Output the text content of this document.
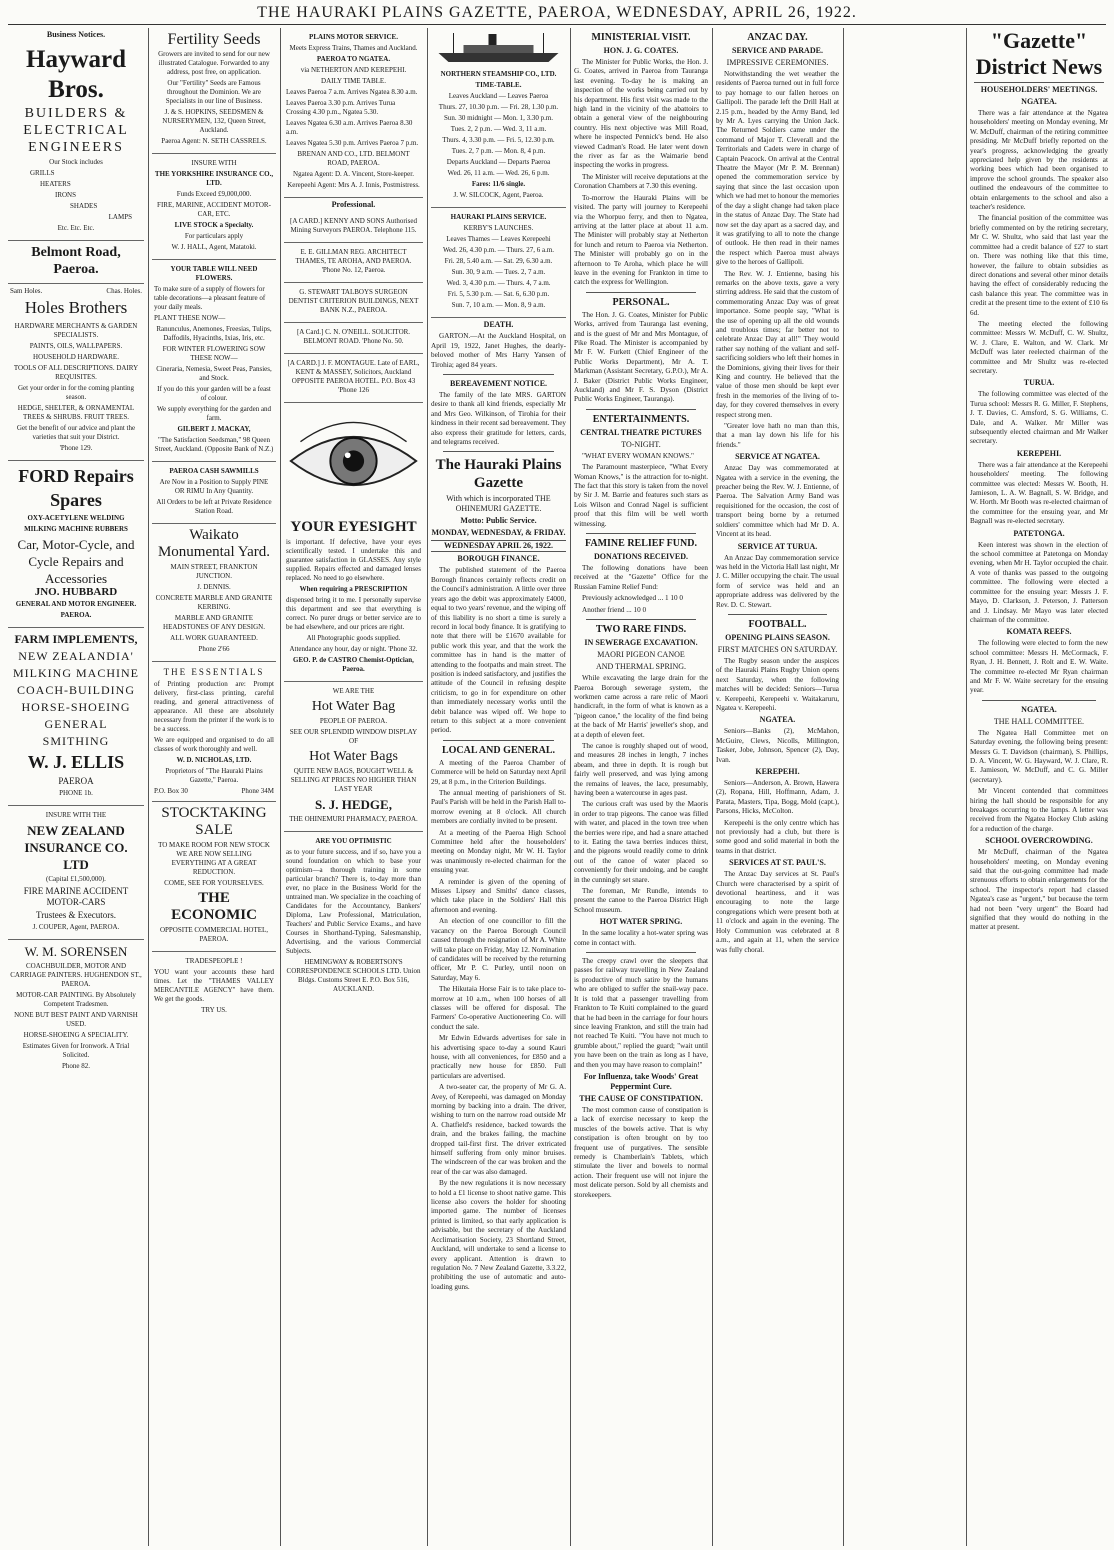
THE HAURAKI PLAINS GAZETTE, PAEROA, WEDNESDAY, APRIL 26, 1922.
Business Notices.
Hayward Bros.
BUILDERS &
ELECTRICAL
ENGINEERS

Our Stock includes

GRILLS

HEATERS

IRONS

SHADES

LAMPS

Etc. Etc. Etc.

Belmont Road, Paeroa.
Sam Holes.	Chas. Holes.
Holes Brothers

HARDWARE MERCHANTS & GARDEN SPECIALISTS.

PAINTS, OILS, WALLPAPERS.

HOUSEHOLD HARDWARE.

TOOLS OF ALL DESCRIPTIONS. DAIRY REQUISITES.

Get your order in for the coming planting season.

HEDGE, SHELTER, & ORNAMENTAL TREES & SHRUBS. FRUIT TREES.

Get the benefit of our advice and plant the varieties that suit your District.

'Phone 129.

FORD Repairs Spares

OXY-ACETYLENE WELDING

MILKING MACHINE RUBBERS

Car, Motor-Cycle, and Cycle Repairs and Accessories
JNO. HUBBARD

GENERAL AND MOTOR ENGINEER.

PAEROA.

FARM IMPLEMENTS,
NEW ZEALANDIA' MILKING MACHINE
COACH-BUILDING HORSE-SHOEING GENERAL SMITHING
W. J. ELLIS

PAEROA

PHONE 1b.

INSURE WITH THE

NEW ZEALAND INSURANCE CO. LTD

(Capital £1,500,000).

FIRE MARINE ACCIDENT MOTOR-CARS

Trustees & Executors.

J. COUPER, Agent, PAEROA.

W. M. SORENSEN

COACHBUILDER, MOTOR AND CARRIAGE PAINTERS. HUGHENDON ST., PAEROA.

MOTOR-CAR PAINTING. By Absolutely Competent Tradesmen.

NONE BUT BEST PAINT AND VARNISH USED.

HORSE-SHOEING A SPECIALITY.

Estimates Given for Ironwork. A Trial Solicited.

Phone 82.

Fertility Seeds

Growers are invited to send for our new illustrated Catalogue. Forwarded to any address, post free, on application.

Our "Fertility" Seeds are Famous throughout the Dominion. We are Specialists in our line of Business.

J. & S. HOPKINS, SEEDSMEN & NURSERYMEN, 132, Queen Street, Auckland.

Paeroa Agent: N. SETH CASSRELS.

INSURE WITH

THE YORKSHIRE INSURANCE CO., LTD.

Funds Exceed £9,000,000.

FIRE, MARINE, ACCIDENT MOTOR-CAR, ETC.

LIVE STOCK a Specialty.

For particulars apply

W. J. HALL, Agent, Matatoki.

YOUR TABLE WILL NEED FLOWERS.

To make sure of a supply of flowers for table decorations—a pleasant feature of your daily meals.

PLANT THESE NOW—

Ranunculus, Anemones, Freesias, Tulips, Daffodils, Hyacinths, Ixias, Iris, etc.

FOR WINTER FLOWERING SOW THESE NOW—

Cineraria, Nemesia, Sweet Peas, Pansies, and Stock.

If you do this your garden will be a feast of colour.

We supply everything for the garden and farm.

GILBERT J. MACKAY,

"The Satisfaction Seedsman," 98 Queen Street, Auckland. (Opposite Bank of N.Z.)

PAEROA CASH SAWMILLS

Are Now in a Position to Supply PINE OR RIMU In Any Quantity.

All Orders to be left at Private Residence Station Road.

Waikato Monumental Yard.

MAIN STREET, FRANKTON JUNCTION.

J. DENNIS.

CONCRETE MARBLE AND GRANITE KERBING.

MARBLE AND GRANITE HEADSTONES OF ANY DESIGN.

ALL WORK GUARANTEED.

Phone 2'66

THE ESSENTIALS

of Printing production are: Prompt delivery, first-class printing, careful reading, and general attractiveness of appearance. All these are absolutely necessary from the printer if the work is to be a success.

We are equipped and organised to do all classes of work thoroughly and well.

W. D. NICHOLAS, LTD.

Proprietors of "The Hauraki Plains Gazette," Paeroa.

P.O. Box 30	Phone 34M
STOCKTAKING SALE

TO MAKE ROOM FOR NEW STOCK WE ARE NOW SELLING EVERYTHING AT A GREAT REDUCTION.

COME, SEE FOR YOURSELVES.

THE ECONOMIC

OPPOSITE COMMERCIAL HOTEL, PAEROA.

TRADESPEOPLE !

YOU want your accounts these hard times. Let the "THAMES VALLEY MERCANTILE AGENCY" have them. We get the goods.

TRY US.

PLAINS MOTOR SERVICE.

Meets Express Trains, Thames and Auckland.

PAEROA TO NGATEA.

via NETHERTON AND KEREPEHI.

DAILY TIME TABLE.

Leaves Paeroa 7 a.m. Arrives Ngatea 8.30 a.m.

Leaves Paeroa 3.30 p.m. Arrives Turua Crossing 4.30 p.m., Ngatea 5.30.

Leaves Ngatea 6.30 a.m. Arrives Paeroa 8.30 a.m.

Leaves Ngatea 5.30 p.m. Arrives Paeroa 7 p.m.

BRENAN AND CO., LTD. BELMONT ROAD, PAEROA.

Ngatea Agent: D. A. Vincent, Store-keeper.

Kerepeehi Agent: Mrs A. J. Innis, Postmistress.

Professional.

[A CARD.] KENNY AND SONS Authorised Mining Surveyors PAEROA. Telephone 115.

E. E. GILLMAN REG. ARCHITECT THAMES, TE AROHA, AND PAEROA. 'Phone No. 12, Paeroa.

G. STEWART TALBOYS SURGEON DENTIST CRITERION BUILDINGS, NEXT BANK N.Z., PAEROA.

[A Card.] C. N. O'NEILL. SOLICITOR. BELMONT ROAD. 'Phone No. 50.

[A CARD.] J. F. MONTAGUE. Late of EARL, KENT & MASSEY, Solicitors, Auckland OPPOSITE PAEROA HOTEL. P.O. Box 43 'Phone 126

YOUR EYESIGHT

is important. If defective, have your eyes scientifically tested. I undertake this and guarantee satisfaction in GLASSES. Any style supplied. Repairs effected and damaged lenses replaced. No need to go elsewhere.

When requiring a PRESCRIPTION

dispensed bring it to me. I personally supervise this department and see that everything is correct. No purer drugs or better service are to be had elsewhere, and our prices are right.

All Photographic goods supplied.

Attendance any hour, day or night. 'Phone 32.

GEO. P. de CASTRO Chemist-Optician, Paeroa.

WE ARE THE

Hot Water Bag

PEOPLE OF PAEROA.

SEE OUR SPLENDID WINDOW DISPLAY OF

Hot Water Bags

QUITE NEW BAGS, BOUGHT WELL & SELLING AT PRICES NO HIGHER THAN LAST YEAR

S. J. HEDGE,

THE OHINEMURI PHARMACY, PAEROA.

ARE YOU OPTIMISTIC

as to your future success, and if so, have you a sound foundation on which to base your optimism—a thorough training in some particular branch? There is, to-day more than ever, no place in the Business World for the untrained man. We specialize in the coaching of Candidates for the Accountancy, Bankers' Diploma, Law Professional, Matriculation, Teachers' and Public Service Exams., and have Courses in Shorthand-Typing, Salesmanship, Advertising, and the various Commercial Subjects.

HEMINGWAY & ROBERTSON'S CORRESPONDENCE SCHOOLS LTD. Union Bldgs. Customs Street E. P.O. Box 516, AUCKLAND.

NORTHERN STEAMSHIP CO., LTD.

TIME-TABLE.

Leaves Auckland — Leaves Paeroa

Thurs. 27, 10.30 p.m. — Fri. 28, 1.30 p.m.

Sun. 30 midnight — Mon. 1, 3.30 p.m.

Tues. 2, 2 p.m. — Wed. 3, 11 a.m.

Thurs. 4, 3.30 p.m. — Fri. 5, 12.30 p.m.

Tues. 2, 7 p.m. — Mon. 8, 4 p.m.

Departs Auckland — Departs Paeroa

Wed. 26, 11 a.m. — Wed. 26, 6 p.m.

Fares: 11/6 single.

J. W. SILCOCK, Agent, Paeroa.

HAURAKI PLAINS SERVICE.

KERBY'S LAUNCHES.

Leaves Thames — Leaves Kerepeehi

Wed. 26, 4.30 p.m. — Thurs. 27, 6 a.m.

Fri. 28, 5.40 a.m. — Sat. 29, 6.30 a.m.

Sun. 30, 9 a.m. — Tues. 2, 7 a.m.

Wed. 3, 4.30 p.m. — Thurs. 4, 7 a.m.

Fri. 5, 5.30 p.m. — Sat. 6, 6.30 p.m.

Sun. 7, 10 a.m. — Mon. 8, 9 a.m.

DEATH.

GARTON.—At the Auckland Hospital, on April 19, 1922, Janet Hughes, the dearly-beloved mother of Mrs Harry Yansen of Tirohia; aged 84 years.

BEREAVEMENT NOTICE.

The family of the late MRS. GARTON desire to thank all kind friends, especially Mr and Mrs Geo. Wilkinson, of Tirohia for their kindness in their recent sad bereavement. They also express their gratitude for letters, cards, and telegrams received.

The Hauraki Plains Gazette
With which is incorporated THE OHINEMURI GAZETTE.
Motto: Public Service.
MONDAY, WEDNESDAY, & FRIDAY.
WEDNESDAY APRIL 26, 1922.
BOROUGH FINANCE.

The published statement of the Paeroa Borough finances certainly reflects credit on the Council's administration. A little over three years ago the debit was approximately £4000, equal to two years' revenue, and the wiping off of this liability is no short a time is surely a record in local body finance. It is gratifying to note that there will be £1670 available for public work this year, and that the work the committee has in hand is the matter of attending to the footpaths and main street. The position is indeed satisfactory, and justifies the attitude of the Council in refusing despite criticism, to go in for expenditure on other than immediately necessary works until the debit balance was wiped off. We hope to return to this subject at a more convenient period.

LOCAL AND GENERAL.

A meeting of the Paeroa Chamber of Commerce will be held on Saturday next April 29, at 8 p.m., in the Criterion Buildings.

The annual meeting of parishioners of St. Paul's Parish will be held in the Parish Hall to-morrow evening at 8 o'clock. All church members are cordially invited to be present.

At a meeting of the Paeroa High School Committee held after the householders' meeting on Monday night, Mr W. H. Taylor was unanimously re-elected chairman for the ensuing year.

A reminder is given of the opening of Misses Lipsey and Smiths' dance classes, which take place in the Soldiers' Hall this afternoon and evening.

An election of one councillor to fill the vacancy on the Paeroa Borough Council caused through the resignation of Mr A. White will take place on Friday, May 12. Nomination of candidates will be received by the returning officer, Mr P. C. Purley, until noon on Saturday, May 6.

The Hikutaia Horse Fair is to take place to-morrow at 10 a.m., when 100 horses of all classes will be offered for disposal. The Farmers' Co-operative Auctioneering Co. will conduct the sale.

Mr Edwin Edwards advertises for sale in his advertising space to-day a sound Kauri house, with all conveniences, for £850 and a practically new house for £850. Full particulars are advertised.

A two-seater car, the property of Mr G. A. Avey, of Kerepeehi, was damaged on Monday morning by backing into a drain. The driver, wishing to turn on the narrow road outside Mr A. Chatfield's residence, backed towards the drain, and the brakes failing, the machine dropped tail-first first. The driver extricated himself suffering from only minor bruises. The windscreen of the car was broken and the rear of the car was also damaged.

By the new regulations it is now necessary to hold a £1 license to shoot native game. This license also covers the holder for shooting imported game. The number of licenses printed is limited, so that early application is advisable, but the secretary of the Auckland Acclimatisation Society, 23 Shortland Street, Auckland, will undertake to send a license to every applicant. Attention is drawn to regulation No. 7 New Zealand Gazette, 3.3.22, prohibiting the use of automatic and auto-loading guns.

MINISTERIAL VISIT.
HON. J. G. COATES.

The Minister for Public Works, the Hon. J. G. Coates, arrived in Paeroa from Tauranga last evening. To-day he is making an inspection of the works being carried out by his department. His first visit was made to the high land in the vicinity of the abattoirs to obtain a general view of the neighbouring country. His next objective was Mill Road, where he inspected Pennick's bend. He also viewed Cadman's Road. He later went down the river as far as the Waimarie bend inspecting the works in progress.

The Minister will receive deputations at the Coronation Chambers at 7.30 this evening.

To-morrow the Hauraki Plains will be visited. The party will journey to Kerepeehi via the Whorpuo ferry, and then to Ngatea, arriving at the latter place at about 11 a.m. The Minister will probably stay at Netherton for lunch and return to Paeroa via Netherton. The Minister will probably go on in the afternoon to Te Aroha, which place he will leave in the evening for Frankton in time to catch the express for Wellington.

PERSONAL.

The Hon. J. G. Coates, Minister for Public Works, arrived from Tauranga last evening, and is the guest of Mr and Mrs Montague, of Pike Road. The Minister is accompanied by Mr F. W. Furkett (Chief Engineer of the Public Works Department), Mr A. T. Markman (Assistant Secretary, G.P.O.), Mr A. J. Baker (District Public Works Engineer, Auckland) and Mr F. S. Dyson (District Public Works Engineer, Tauranga).

ENTERTAINMENTS.
CENTRAL THEATRE PICTURES
TO-NIGHT.

"WHAT EVERY WOMAN KNOWS."

The Paramount masterpiece, "What Every Woman Knows," is the attraction for to-night. The fact that this story is taken from the novel by Sir J. M. Barrie and features such stars as Lois Wilson and Conrad Nagel is sufficient proof that this film will be well worth witnessing.

FAMINE RELIEF FUND.
DONATIONS RECEIVED.

The following donations have been received at the "Gazette" Office for the Russian Famine Relief Fund:

Previously acknowledged ... 1 10 0

Another friend ... 10 0

TWO RARE FINDS.
IN SEWERAGE EXCAVATION.
MAORI PIGEON CANOE
AND THERMAL SPRING.

While excavating the large drain for the Paeroa Borough sewerage system, the workmen came across a rare relic of Maori handicraft, in the form of what is known as a "pigeon canoe," the locality of the find being at the back of Mr Harris' jeweller's shop, and at a depth of eleven feet.

The canoe is roughly shaped out of wood, and measures 28 inches in length, 7 inches abeam, and three in depth. It is rough but fairly well preserved, and was lying among the remains of leaves, the lace, presumably, having been a watercourse in ages past.

The curious craft was used by the Maoris in order to trap pigeons. The canoe was filled with water, and placed in the town tree when the berries were ripe, and had a snare attached to it. Eating the tawa berries induces thirst, and the pigeons would readily come to drink out of the canoe of water placed so conveniently for their undoing, and be caught in the cunningly set snare.

The foreman, Mr Rundle, intends to present the canoe to the Paeroa District High School museum.

HOT WATER SPRING.

In the same locality a hot-water spring was come in contact with.

The creepy crawl over the sleepers that passes for railway travelling in New Zealand is productive of much satire by the humans who are obliged to suffer the snail-way pace. It is told that a passenger travelling from Frankton to Te Kuiti complained to the guard that he had been in the carriage for four hours since leaving Frankton, and still the train had not reached Te Kuiti. "You have not much to grumble about," replied the guard; "wait until you have been on the train as long as I have, and then you may have reason to complain!"

For Influenza, take Woods' Great Peppermint Cure.
THE CAUSE OF CONSTIPATION.

The most common cause of constipation is a lack of exercise necessary to keep the muscles of the bowels active. That is why constipation is often brought on by too frequent use of purgatives. The sensible remedy is Chamberlain's Tablets, which stimulate the liver and bowels to normal action. Their frequent use will not injure the most delicate person. Sold by all chemists and storekeepers.

ANZAC DAY.
SERVICE AND PARADE.
IMPRESSIVE CEREMONIES.

Notwithstanding the wet weather the residents of Paeroa turned out in full force to pay homage to our fallen heroes on Gallipoli. The parade left the Drill Hall at 2.15 p.m., headed by the Army Band, led by Mr A. Lyes carrying the Union Jack. The Returned Soldiers came under the command of Major T. Cleverall and the Territorials and Cadets were in charge of Captain Peacock. On arrival at the Central Theatre the Mayor (Mr P. M. Brennan) opened the commemoration service by saying that since the last occasion upon which we had met to honour the memories of the day a slight change had taken place in the status of Anzac Day. The State had now set the day apart as a sacred day, and it was gratifying to all to note the change of outlook. He then read in their names the respect which Paeroa must always give to the heroes of Gallipoli.

The Rev. W. J. Entienne, basing his remarks on the above texts, gave a very stirring address. He said that the custom of commemorating Anzac Day was of great importance. Some people say, "What is the use of opening up all the old wounds and troublous times; far better not to celebrate Anzac Day at all!" They would rather say nothing of the valiant and self-sacrificing soldiers who left their homes in the Dominions, giving their lives for their King and country. He believed that the value of those men should be kept ever fresh in the memories of the living of to-day, for they covered themselves in every respect strong men.

"Greater love hath no man than this, that a man lay down his life for his friends."

SERVICE AT NGATEA.

Anzac Day was commemorated at Ngatea with a service in the evening, the preacher being the Rev. W. J. Entienne, of Paeroa. The Salvation Army Band was requisitioned for the occasion, the cost of transport being borne by a returned soldiers' committee which had Mr D. A. Vincent at its head.

SERVICE AT TURUA.

An Anzac Day commemoration service was held in the Victoria Hall last night, Mr J. C. Miller occupying the chair. The usual form of service was held and an appropriate address was delivered by the Rev. D. C. Stewart.

FOOTBALL.
OPENING PLAINS SEASON.
FIRST MATCHES ON SATURDAY.

The Rugby season under the auspices of the Hauraki Plains Rugby Union opens next Saturday, when the following matches will be decided: Seniors—Turua v. Kerepeehi, Kerepeehi v. Waitakaruru, Ngatea v. Kerepeehi.

NGATEA.

Seniors—Banks (2), McMahon, McGuire, Clews, Nicolls, Millington, Tasker, Jobe, Johnson, Spencer (2), Day, Ivan.

KEREPEHI.

Seniors—Anderson, A. Brown, Hawera (2), Ropana, Hill, Hoffmann, Adam, J. Parata, Masters, Tipa, Bogg, Mold (capt.), Parsons, Hicks, McColton.

Kerepeehi is the only centre which has not previously had a club, but there is some good and solid material in both the teams in that district.

SERVICES AT ST. PAUL'S.

The Anzac Day services at St. Paul's Church were characterised by a spirit of devotional heartiness, and it was encouraging to note the large congregations which were present both at 11 o'clock and again in the evening. The Holy Communion was celebrated at 8 a.m., and again at 11, when the service was fully choral.

"Gazette" District News
HOUSEHOLDERS' MEETINGS.
NGATEA.

There was a fair attendance at the Ngatea householders' meeting on Monday evening, Mr W. McDuff, chairman of the retiring committee presiding. Mr McDuff briefly reported on the year's progress, acknowledging the greatly appreciated help given by the residents at working bees which had been organised to improve the school grounds. The speaker also outlined the endeavours of the committee to obtain enlargements to the school and also a teacher's residence.

The financial position of the committee was briefly commented on by the retiring secretary, Mr C. W. Shultz, who said that last year the committee had a credit balance of £27 to start on. There was nothing like that this time, however, the failure to obtain subsidies as direct donations and several other minor details having the effect of considerably reducing the cash balance this year. The committee was in credit at the present time to the extent of £10 6s 6d.

The meeting elected the following committee: Messrs W. McDuff, C. W. Shultz, W. J. Clare, E. Walton, and W. Clark. Mr McDuff was later reelected chairman of the committee and Mr Shultz was re-elected secretary.

TURUA.

The following committee was elected of the Turua school: Messrs R. G. Miller, F. Stephens, J. T. Davies, C. Amsford, S. G. Williams, C. Dale, and A. Walker. Mr Miller was subsequently elected chairman and Mr Walker secretary.

KEREPEHI.

There was a fair attendance at the Kerepeehi householders' meeting. The following committee was elected: Messrs W. Booth, H. Jamieson, L. A. W. Bagnall, S. W. Bridge, and W. Horth. Mr Booth was re-elected chairman of the committee for the ensuing year, and Mr Bagnall was re-elected secretary.

PATETONGA.

Keen interest was shown in the election of the school committee at Patetonga on Monday evening, when Mr H. Taylor occupied the chair. A vote of thanks was passed to the outgoing committee. The following were elected a committee for the ensuing year: Messrs J. F. Mayo, D. Clarkson, J. Peterson, J. Patterson and J. Lindsay. Mr Mayo was later elected chairman of the committee.

KOMATA REEFS.

The following were elected to form the new school committee: Messrs H. McCormack, F. Ryan, J. H. Bennett, J. Rolt and E. W. Waite. The committee re-elected Mr Ryan chairman and Mr F. W. Waite secretary for the ensuing year.

NGATEA.
THE HALL COMMITTEE.

The Ngatea Hall Committee met on Saturday evening, the following being present: Messrs G. T. Davidson (chairman), S. Phillips, D. A. Vincent, W. G. Hayward, W. J. Clare, R. E. Jamieson, W. McDuff, and C. G. Miller (secretary).

Mr Vincent contended that committees hiring the hall should be responsible for any breakages occurring to the lamps. A letter was received from the Ngatea Hockey Club asking for a reduction of the charge.

SCHOOL OVERCROWDING.

Mr McDuff, chairman of the Ngatea householders' meeting, on Monday evening said that the out-going committee had made strenuous efforts to obtain enlargements for the school. The inspector's report had classed Ngatea's case as "urgent," but because the term had not been "very urgent" the Board had signified that they would do nothing in the matter at present.
